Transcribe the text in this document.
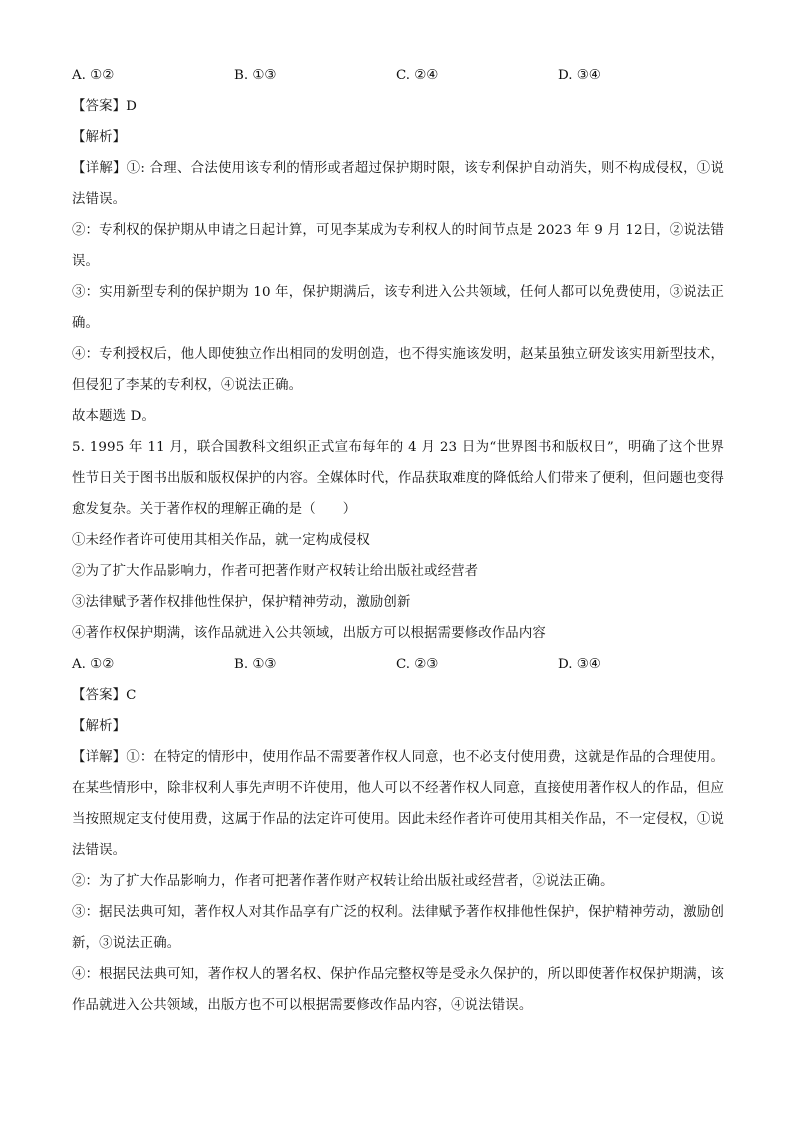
A. ①②	B. ①③	C. ②④	D. ③④
【答案】D
【解析】
【详解】①: 合理、合法使用该专利的情形或者超过保护期时限，该专利保护自动消失，则不构成侵权，①说法错误。
②：专利权的保护期从申请之日起计算，可见李某成为专利权人的时间节点是 2023 年 9 月 12日，②说法错误。
③：实用新型专利的保护期为 10 年，保护期满后，该专利进入公共领域，任何人都可以免费使用，③说法正确。
④：专利授权后，他人即使独立作出相同的发明创造，也不得实施该发明，赵某虽独立研发该实用新型技术，但侵犯了李某的专利权，④说法正确。
故本题选 D。
5. 1995 年 11 月，联合国教科文组织正式宣布每年的 4 月 23 日为“世界图书和版权日”，明确了这个世界性节日关于图书出版和版权保护的内容。全媒体时代，作品获取难度的降低给人们带来了便利，但问题也变得愈发复杂。关于著作权的理解正确的是（　　）
①未经作者许可使用其相关作品，就一定构成侵权
②为了扩大作品影响力，作者可把著作财产权转让给出版社或经营者
③法律赋予著作权排他性保护，保护精神劳动，激励创新
④著作权保护期满，该作品就进入公共领域，出版方可以根据需要修改作品内容
A. ①②	B. ①③	C. ②③	D. ③④
【答案】C
【解析】
【详解】①：在特定的情形中，使用作品不需要著作权人同意，也不必支付使用费，这就是作品的合理使用。在某些情形中，除非权利人事先声明不许使用，他人可以不经著作权人同意，直接使用著作权人的作品，但应当按照规定支付使用费，这属于作品的法定许可使用。因此未经作者许可使用其相关作品，不一定侵权，①说法错误。
②：为了扩大作品影响力，作者可把著作著作财产权转让给出版社或经营者，②说法正确。
③：据民法典可知，著作权人对其作品享有广泛的权利。法律赋予著作权排他性保护，保护精神劳动，激励创新，③说法正确。
④：根据民法典可知，著作权人的署名权、保护作品完整权等是受永久保护的，所以即使著作权保护期满，该作品就进入公共领域，出版方也不可以根据需要修改作品内容，④说法错误。
